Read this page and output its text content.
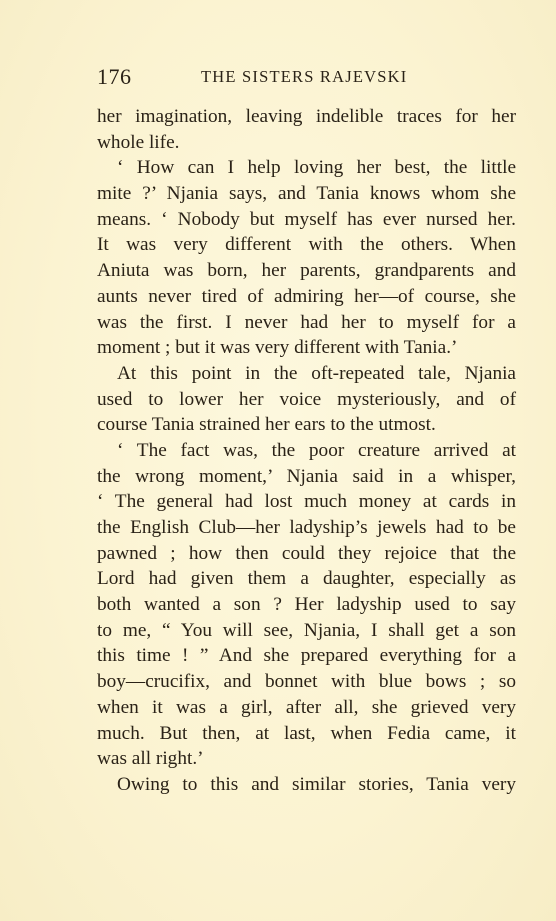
176	THE SISTERS RAJEVSKI
her imagination, leaving indelible traces for her
whole life.
‘ How can I help loving her best, the little
mite ?’ Njania says, and Tania knows whom she
means. ‘ Nobody but myself has ever nursed her.
It was very different with the others. When
Aniuta was born, her parents, grandparents and
aunts never tired of admiring her—of course, she
was the first. I never had her to myself for a
moment ; but it was very different with Tania.’
At this point in the oft-repeated tale, Njania
used to lower her voice mysteriously, and of
course Tania strained her ears to the utmost.
‘ The fact was, the poor creature arrived at
the wrong moment,’ Njania said in a whisper,
‘ The general had lost much money at cards in
the English Club—her ladyship’s jewels had to be
pawned ; how then could they rejoice that the
Lord had given them a daughter, especially as
both wanted a son ? Her ladyship used to say
to me, “ You will see, Njania, I shall get a son
this time ! ” And she prepared everything for a
boy—crucifix, and bonnet with blue bows ; so
when it was a girl, after all, she grieved very
much. But then, at last, when Fedia came, it
was all right.’
Owing to this and similar stories, Tania very
